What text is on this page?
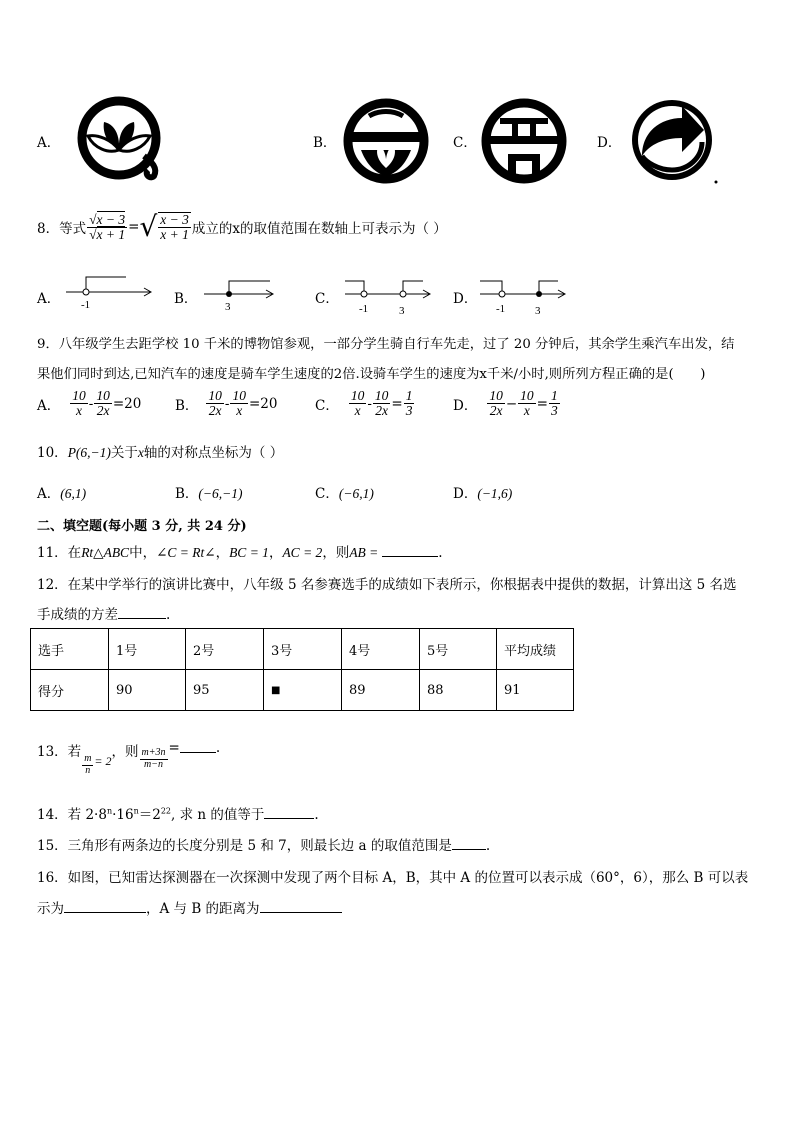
A．	B．	C．	D．
8． 等式 $\frac{√x - 3}{√x + 1}$ = √ $\frac{x - 3}{x + 1}$ 成立的x的取值范围在数轴上可表示为（ ）
A． -1	B．	3	C．
-1	3
D．
-1	3
9．八年级学生去距学校 10 千米的博物馆参观，一部分学生骑自行车先走，过了 20 分钟后，其余学生乘汽车出发，结
果他们同时到达,已知汽车的速度是骑车学生速度的2倍.设骑车学生的速度为x千米/小时,则所列方程正确的是(　　)
A． $\frac{10}{x} - \frac{10}{2x} =20$ B． $\frac{10}{2x} - \frac{10}{x} =20$	C． $\frac{10}{x} - \frac{10}{2x} = \frac{1}{3}$	D． $\frac{10}{2x} - \frac{10}{x} = \frac{1}{3}$
10．P(6,−1)关于x轴的对称点坐标为（ ）
A．(6,1)	B．(−6,−1)	C．(−6,1)	D．(−1,6)
二、填空题(每小题 3 分, 共 24 分)
11．在Rt△ABC中，∠C = Rt∠，BC = 1，AC = 2，则AB =	.
12．在某中学举行的演讲比赛中，八年级 5 名参赛选手的成绩如下表所示，你根据表中提供的数据，计算出这 5 名选
手成绩的方差	.
选手	1号	2号	3号	4号	5号	平均成绩
得分	90	95	■	89	88	91
13．若
$\frac{m}{n} = 2$
，则 $\frac{m+3n}{m-n}$ =	.
14．若 $2\cdot 8^n\cdot 16^n=2^{22}$, 求 n 的值等于	.
15．三角形有两条边的长度分别是 5 和 7，则最长边 a 的取值范围是	.
16．如图，已知雷达探测器在一次探测中发现了两个目标 A，B，其中 A 的位置可以表示成（60°，6），那么 B 可以表
示为	，A 与 B 的距离为
